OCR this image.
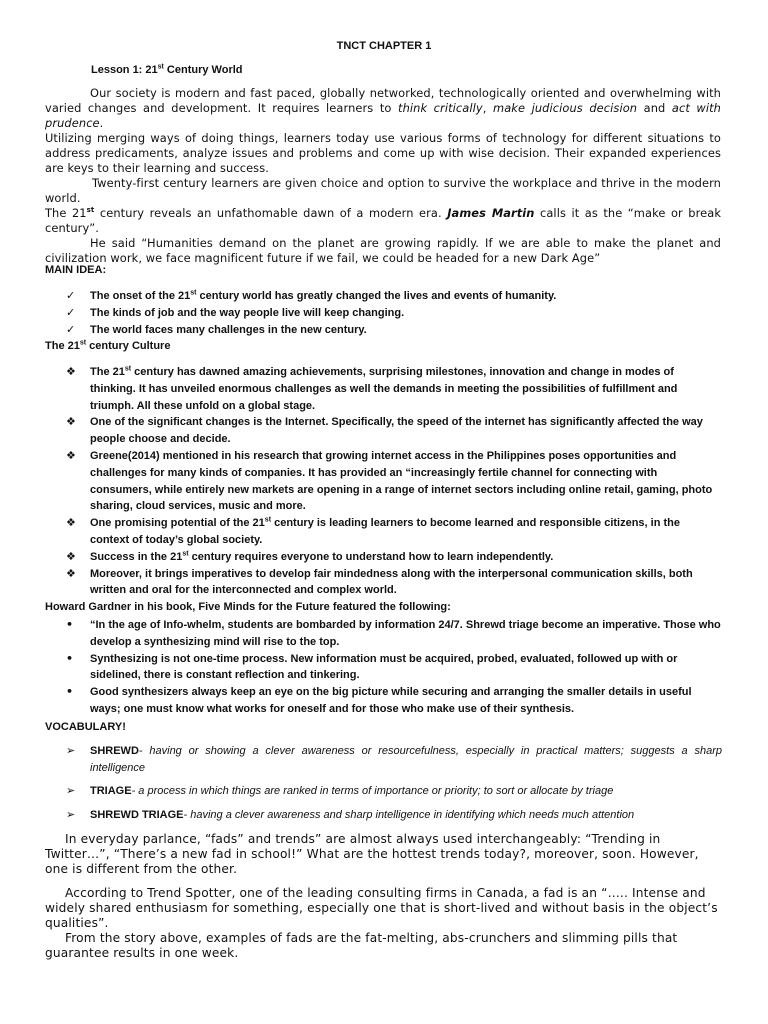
TNCT CHAPTER 1
Lesson 1: 21st Century World

Our society is modern and fast paced, globally networked, technologically oriented and overwhelming with varied changes and development. It requires learners to think critically, make judicious decision and act with prudence.

Utilizing merging ways of doing things, learners today use various forms of technology for different situations to address predicaments, analyze issues and problems and come up with wise decision. Their expanded experiences are keys to their learning and success.

Twenty-first century learners are given choice and option to survive the workplace and thrive in the modern world.

The 21st century reveals an unfathomable dawn of a modern era. James Martin calls it as the “make or break century”.

He said “Humanities demand on the planet are growing rapidly. If we are able to make the planet and civilization work, we face magnificent future if we fail, we could be headed for a new Dark Age”

MAIN IDEA:
✓ The onset of the 21st century world has greatly changed the lives and events of humanity.
✓ The kinds of job and the way people live will keep changing.
✓ The world faces many challenges in the new century.
The 21st century Culture
❖ The 21st century has dawned amazing achievements, surprising milestones, innovation and change in modes of thinking. It has unveiled enormous challenges as well the demands in meeting the possibilities of fulfillment and triumph. All these unfold on a global stage.
❖ One of the significant changes is the Internet. Specifically, the speed of the internet has significantly affected the way people choose and decide.
❖ Greene(2014) mentioned in his research that growing internet access in the Philippines poses opportunities and challenges for many kinds of companies. It has provided an “increasingly fertile channel for connecting with consumers, while entirely new markets are opening in a range of internet sectors including online retail, gaming, photo sharing, cloud services, music and more.
❖ One promising potential of the 21st century is leading learners to become learned and responsible citizens, in the context of today’s global society.
❖ Success in the 21st century requires everyone to understand how to learn independently.
❖ Moreover, it brings imperatives to develop fair mindedness along with the interpersonal communication skills, both written and oral for the interconnected and complex world.
Howard Gardner in his book, Five Minds for the Future featured the following:
• “In the age of Info-whelm, students are bombarded by information 24/7. Shrewd triage become an imperative. Those who develop a synthesizing mind will rise to the top.
• Synthesizing is not one-time process. New information must be acquired, probed, evaluated, followed up with or sidelined, there is constant reflection and tinkering.
• Good synthesizers always keep an eye on the big picture while securing and arranging the smaller details in useful ways; one must know what works for oneself and for those who make use of their synthesis.
VOCABULARY!
➢ SHREWD- having or showing a clever awareness or resourcefulness, especially in practical matters; suggests a sharp intelligence
➢ TRIAGE- a process in which things are ranked in terms of importance or priority; to sort or allocate by triage
➢ SHREWD TRIAGE- having a clever awareness and sharp intelligence in identifying which needs much attention

In everyday parlance, “fads” and trends” are almost always used interchangeably: “Trending in Twitter…”, “There’s a new fad in school!” What are the hottest trends today?, moreover, soon. However, one is different from the other.

According to Trend Spotter, one of the leading consulting firms in Canada, a fad is an “….. Intense and widely shared enthusiasm for something, especially one that is short-lived and without basis in the object’s qualities”.

From the story above, examples of fads are the fat-melting, abs-crunchers and slimming pills that guarantee results in one week.
